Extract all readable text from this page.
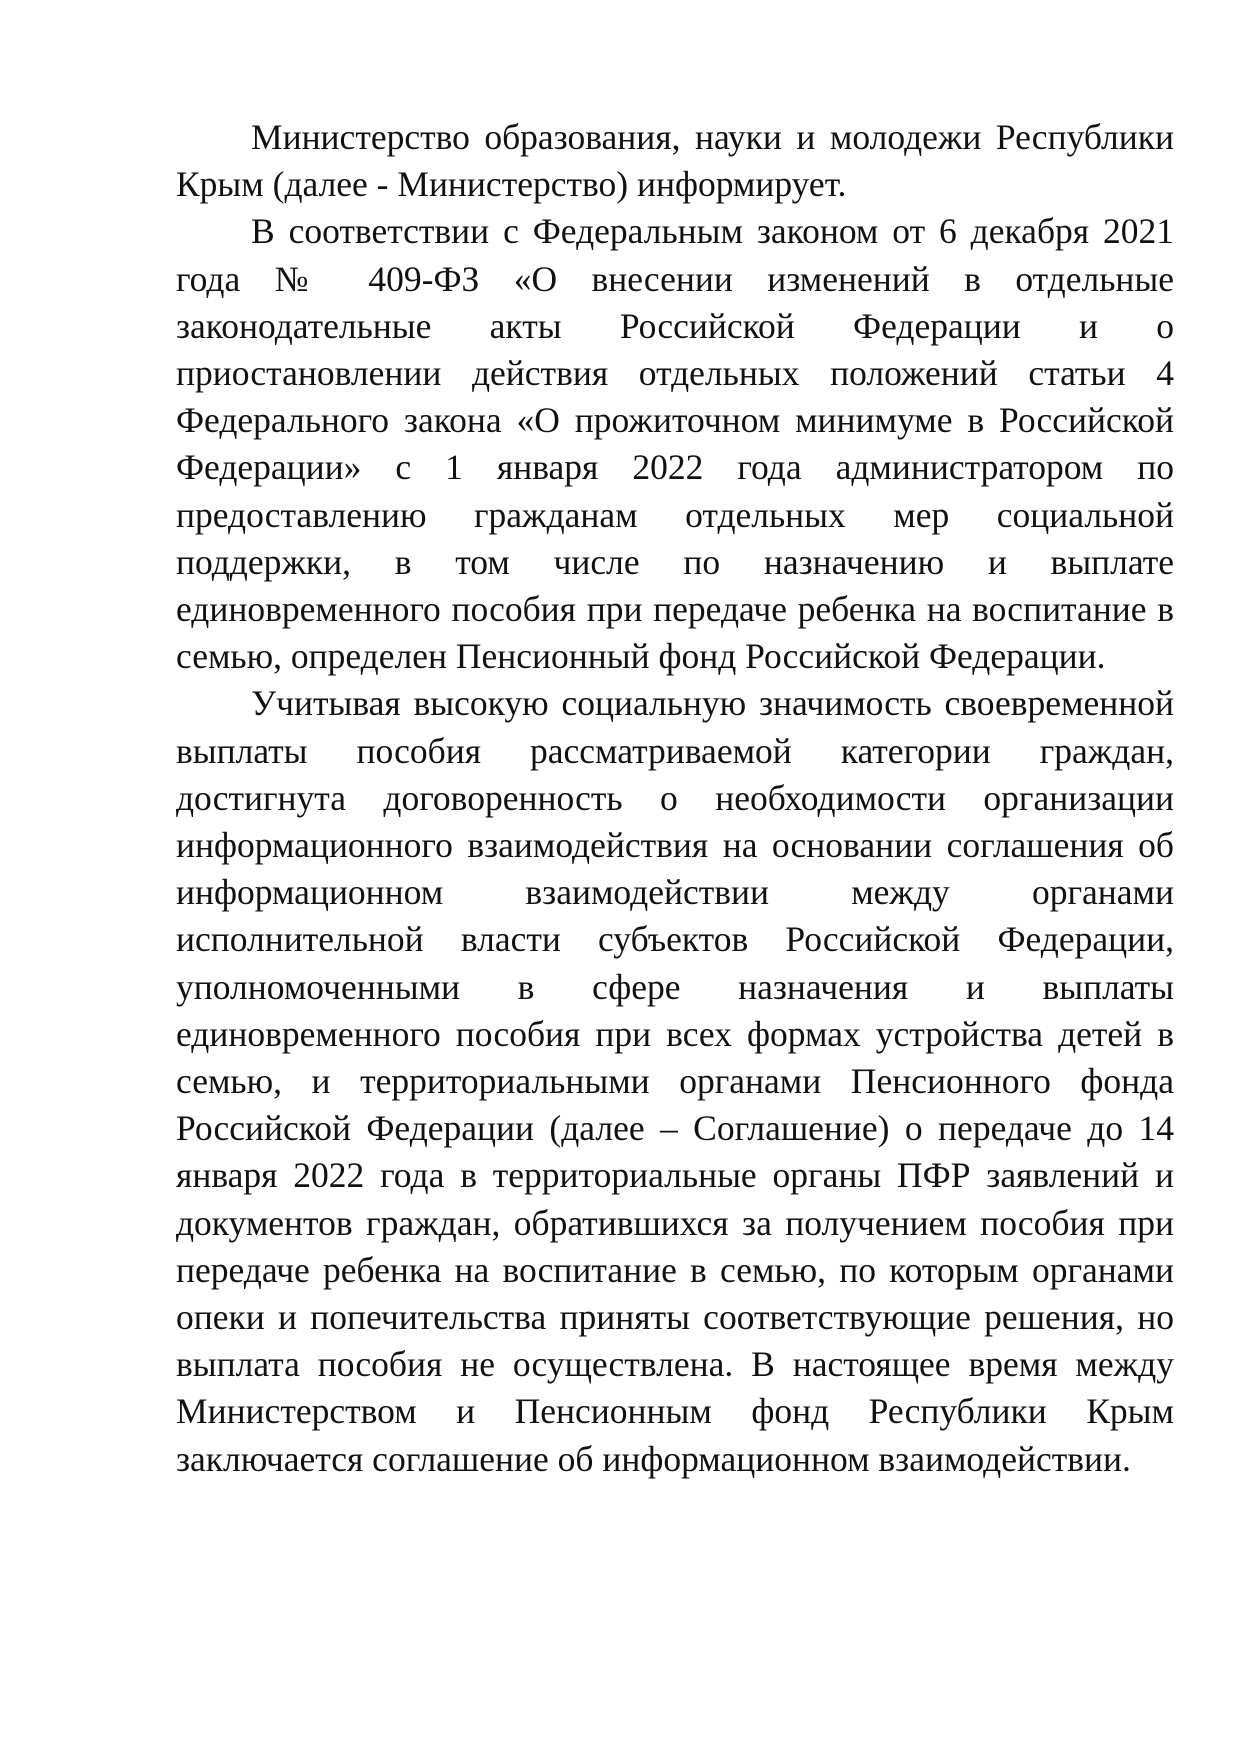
Министерство образования, науки и молодежи Республики Крым (далее - Министерство) информирует.

В соответствии с Федеральным законом от 6 декабря 2021 года № 409-ФЗ «О внесении изменений в отдельные законодательные акты Российской Федерации и о приостановлении действия отдельных положений статьи 4 Федерального закона «О прожиточном минимуме в Российской Федерации» с 1 января 2022 года администратором по предоставлению гражданам отдельных мер социальной поддержки, в том числе по назначению и выплате единовременного пособия при передаче ребенка на воспитание в семью, определен Пенсионный фонд Российской Федерации.

Учитывая высокую социальную значимость своевременной выплаты пособия рассматриваемой категории граждан, достигнута договоренность о необходимости организации информационного взаимодействия на основании соглашения об информационном взаимодействии между органами исполнительной власти субъектов Российской Федерации, уполномоченными в сфере назначения и выплаты единовременного пособия при всех формах устройства детей в семью, и территориальными органами Пенсионного фонда Российской Федерации (далее – Соглашение) о передаче до 14 января 2022 года в территориальные органы ПФР заявлений и документов граждан, обратившихся за получением пособия при передаче ребенка на воспитание в семью, по которым органами опеки и попечительства приняты соответствующие решения, но выплата пособия не осуществлена. В настоящее время между Министерством и Пенсионным фонд Республики Крым заключается соглашение об информационном взаимодействии.
